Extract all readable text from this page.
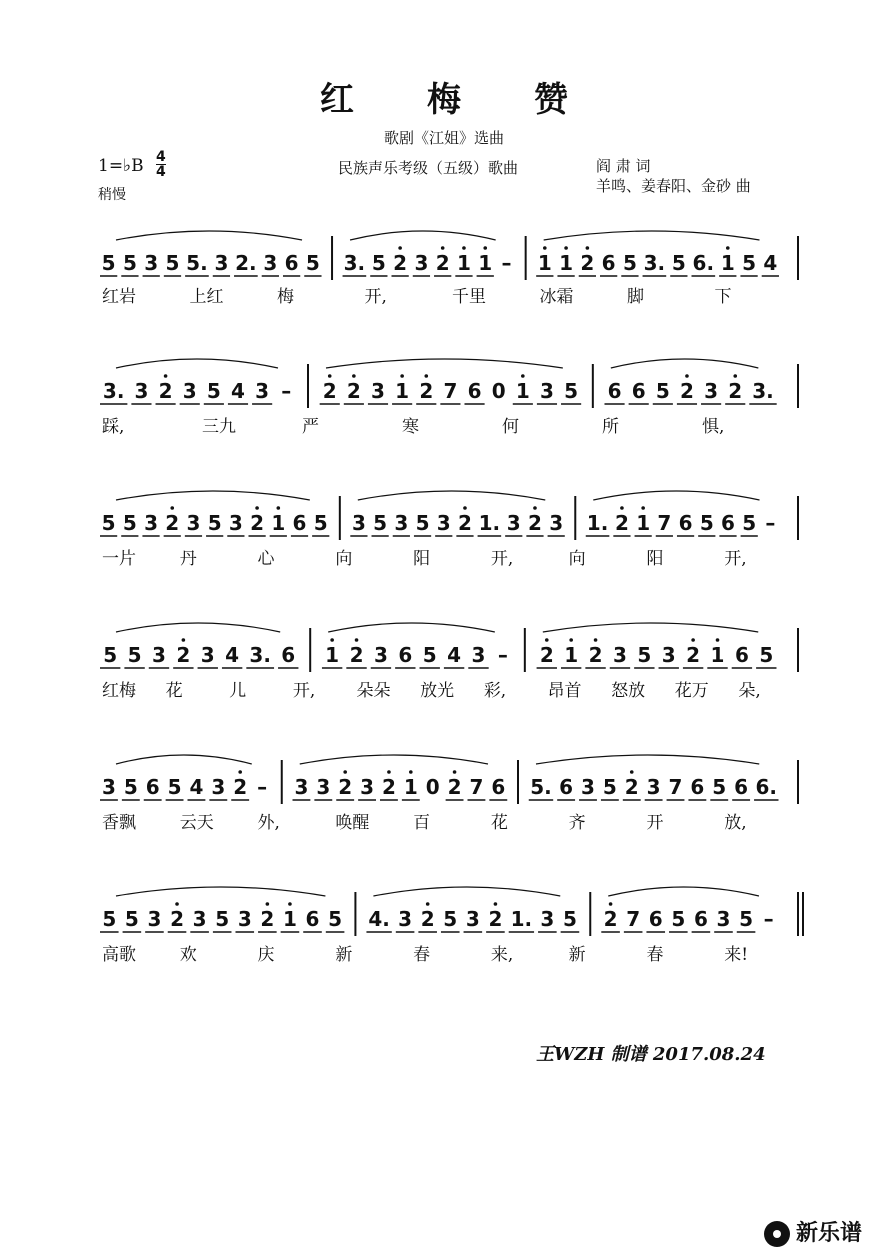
红 梅 赞
歌剧《江姐》选曲
1=♭B 4
4
稍慢
民族声乐考级（五级）歌曲	阎 肃 词
羊鸣、姜春阳、金砂 曲
5 5 3 5 5. 3 2. 3 6 5 3. 5 2 3 2 1 1 – 1 1 2 6 5 3. 5 6. 1 5 4
红岩	上红	梅	开,	千里	冰霜	脚	下
3. 3 2 3 5 4 3 – 2 2 3 1 2 7 6 0 1 3 5 6 6 5 2 3 2 3.
踩,	三九	严	寒	何	所	惧,
5 5 3 2 3 5 3 2 1 6 5 3 5 3 5 3 2 1. 3 2 3 1. 2 1 7 6 5 6 5 –
一片	丹	心	向	阳	开,	向	阳	开,
5 5 3 2 3 4 3. 6 1 2 3 6 5 4 3 – 2 1 2 3 5 3 2 1 6 5
红梅 花	儿	开, 朵朵 放光 彩, 昂首 怒放 花万 朵,
3 5 6 5 4 3 2 – 3 3 2 3 2 1 0 2 7 6 5. 6 3 5 2 3 7 6 5 6 6.
香飘	云天	外,	唤醒	百	花	齐	开	放,
5 5 3 2 3 5 3 2 1 6 5 4. 3 2 5 3 2 1. 3 5 2 7 6 5 6 3 5 –
高歌	欢	庆	新	春	来,	新	春	来!
王WZH 制谱 2017.08.24
新乐谱
